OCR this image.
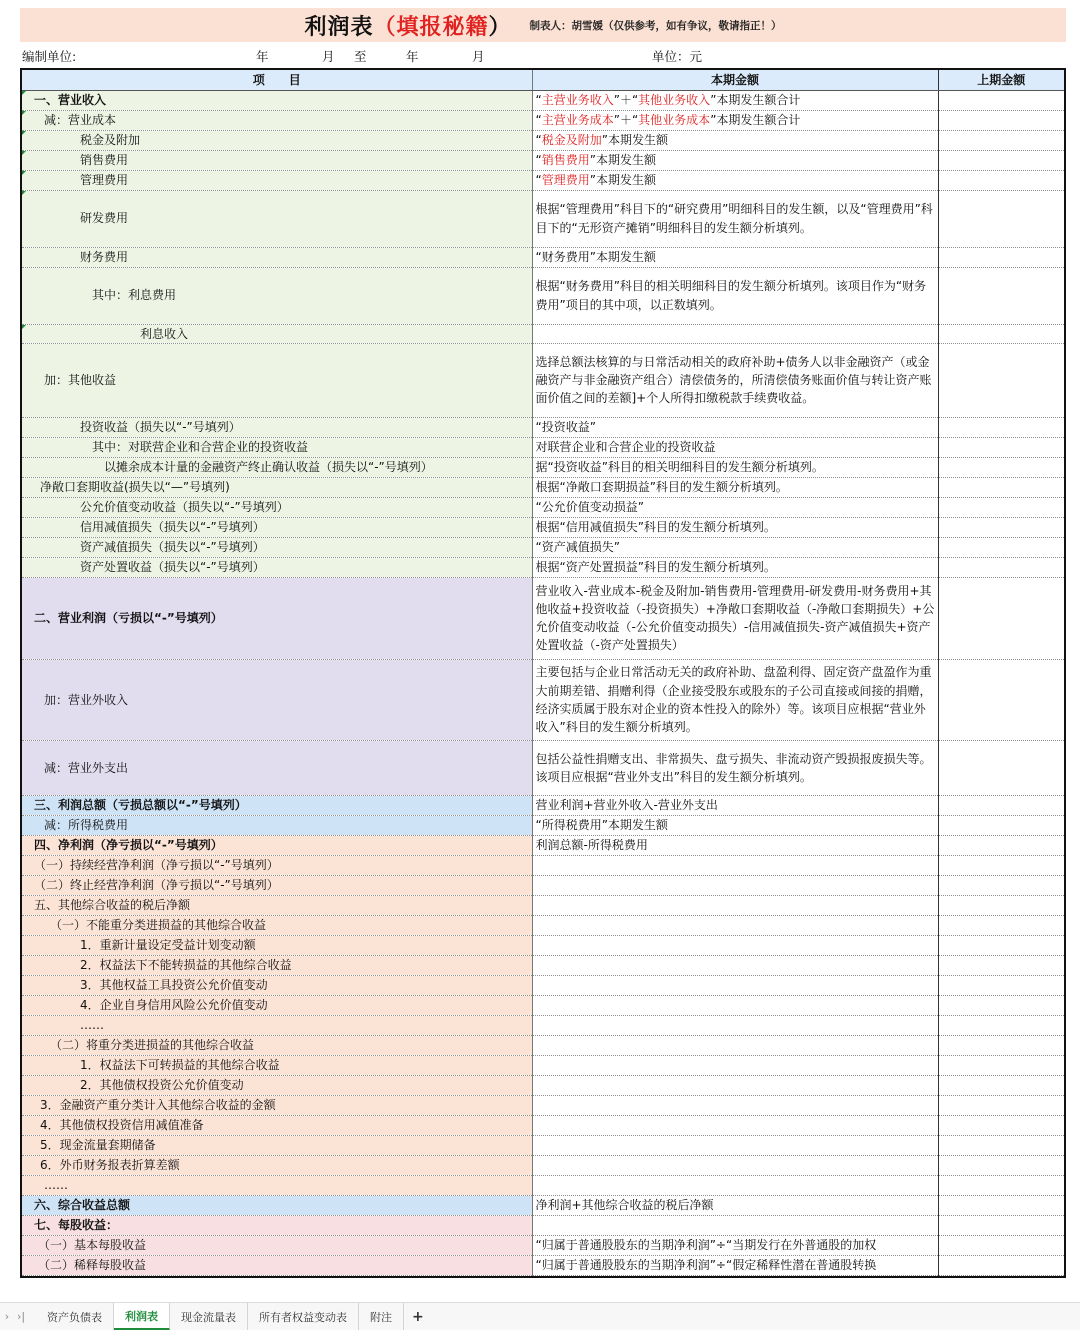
利润表（填报秘籍） 制表人：胡雪媛（仅供参考，如有争议，敬请指正！）
编制单位:	年	月 至	年	月	单位：元
项　　目	本期金额	上期金额
一、营业收入	“主营业务收入”＋“其他业务收入”本期发生额合计	
减：营业成本	“主营业务成本”＋“其他业务成本”本期发生额合计	
税金及附加	“税金及附加”本期发生额	
销售费用	“销售费用”本期发生额	
管理费用	“管理费用”本期发生额	
研发费用	根据“管理费用”科目下的“研究费用”明细科目的发生额，以及“管理费用”科目下的“无形资产摊销”明细科目的发生额分析填列。	
财务费用	“财务费用”本期发生额	
其中：利息费用	根据“财务费用”科目的相关明细科目的发生额分析填列。该项目作为“财务费用”项目的其中项，以正数填列。	
利息收入		
加：其他收益	选择总额法核算的与日常活动相关的政府补助+债务人以非金融资产（或金融资产与非金融资产组合）清偿债务的，所清偿债务账面价值与转让资产账面价值之间的差额]+个人所得扣缴税款手续费收益。	
投资收益（损失以“-”号填列）	“投资收益”	
其中：对联营企业和合营企业的投资收益	对联营企业和合营企业的投资收益	
以摊余成本计量的金融资产终止确认收益（损失以“-”号填列）	据“投资收益”科目的相关明细科目的发生额分析填列。	
净敞口套期收益(损失以“—”号填列)	根据“净敞口套期损益”科目的发生额分析填列。	
公允价值变动收益（损失以“-”号填列）	“公允价值变动损益”	
信用减值损失（损失以“-”号填列）	根据“信用减值损失”科目的发生额分析填列。	
资产减值损失（损失以“-”号填列）	“资产减值损失”	
资产处置收益（损失以“-”号填列）	根据“资产处置损益”科目的发生额分析填列。	
二、营业利润（亏损以“-”号填列）	营业收入-营业成本-税金及附加-销售费用-管理费用-研发费用-财务费用+其他收益+投资收益（-投资损失）+净敞口套期收益（-净敞口套期损失）+公允价值变动收益（-公允价值变动损失）-信用减值损失-资产减值损失+资产处置收益（-资产处置损失）	
加：营业外收入	主要包括与企业日常活动无关的政府补助、盘盈利得、固定资产盘盈作为重大前期差错、捐赠利得（企业接受股东或股东的子公司直接或间接的捐赠，经济实质属于股东对企业的资本性投入的除外）等。该项目应根据“营业外收入”科目的发生额分析填列。	
减：营业外支出	包括公益性捐赠支出、非常损失、盘亏损失、非流动资产毁损报废损失等。该项目应根据“营业外支出”科目的发生额分析填列。	
三、利润总额（亏损总额以“-”号填列）	营业利润+营业外收入-营业外支出	
减：所得税费用	“所得税费用”本期发生额	
四、净利润（净亏损以“-”号填列）	利润总额-所得税费用	
（一）持续经营净利润（净亏损以“-”号填列）		
（二）终止经营净利润（净亏损以“-”号填列）		
五、其他综合收益的税后净额		
（一）不能重分类进损益的其他综合收益		
1．重新计量设定受益计划变动额		
2．权益法下不能转损益的其他综合收益		
3．其他权益工具投资公允价值变动		
4．企业自身信用风险公允价值变动		
……		
（二）将重分类进损益的其他综合收益		
1．权益法下可转损益的其他综合收益		
2．其他债权投资公允价值变动		
3．金融资产重分类计入其他综合收益的金额		
4．其他债权投资信用减值准备		
5．现金流量套期储备		
6．外币财务报表折算差额		
……		
六、综合收益总额	净利润+其他综合收益的税后净额	
七、每股收益：		
（一）基本每股收益	“归属于普通股股东的当期净利润”÷“当期发行在外普通股的加权	
（二）稀释每股收益	“归属于普通股股东的当期净利润”÷“假定稀释性潜在普通股转换	
› ›|	资产负债表	利润表	现金流量表	所有者权益变动表	附注	+
